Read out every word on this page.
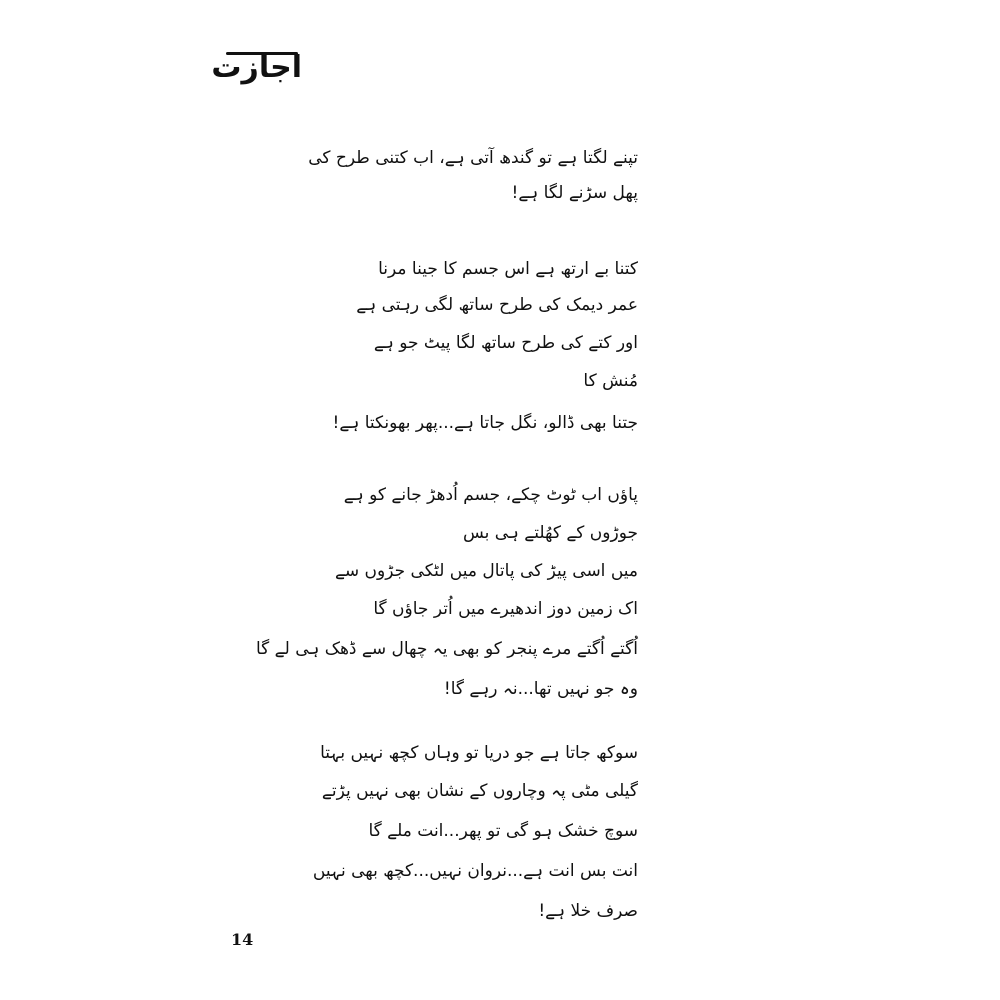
اجازت
تپنے لگتا ہے تو گندھ آتی ہے، اب کتنی طرح کی
پھل سڑنے لگا ہے!
کتنا بے ارتھ ہے اس جسم کا جینا مرنا
عمر دیمک کی طرح ساتھ لگی رہتی ہے
اور کتے کی طرح ساتھ لگا پیٹ جو ہے
مُنش کا
جتنا بھی ڈالو، نگل جاتا ہے...پھر بھونکتا ہے!
پاؤں اب ٹوٹ چکے، جسم اُدھڑ جانے کو ہے
جوڑوں کے کھُلتے ہی بس
میں اسی پیڑ کی پاتال میں لٹکی جڑوں سے
اک زمین دوز اندھیرے میں اُتر جاؤں گا
اُگتے اُگتے مرے پنجر کو بھی یہ چھال سے ڈھک ہی لے گا
وہ جو نہیں تھا...نہ رہے گا!
سوکھ جاتا ہے جو دریا تو وہاں کچھ نہیں بہتا
گیلی مٹی پہ وچاروں کے نشان بھی نہیں پڑتے
سوچ خشک ہو گی تو پھر...انت ملے گا
انت بس انت ہے...نروان نہیں...کچھ بھی نہیں
صرف خلا ہے!
14
